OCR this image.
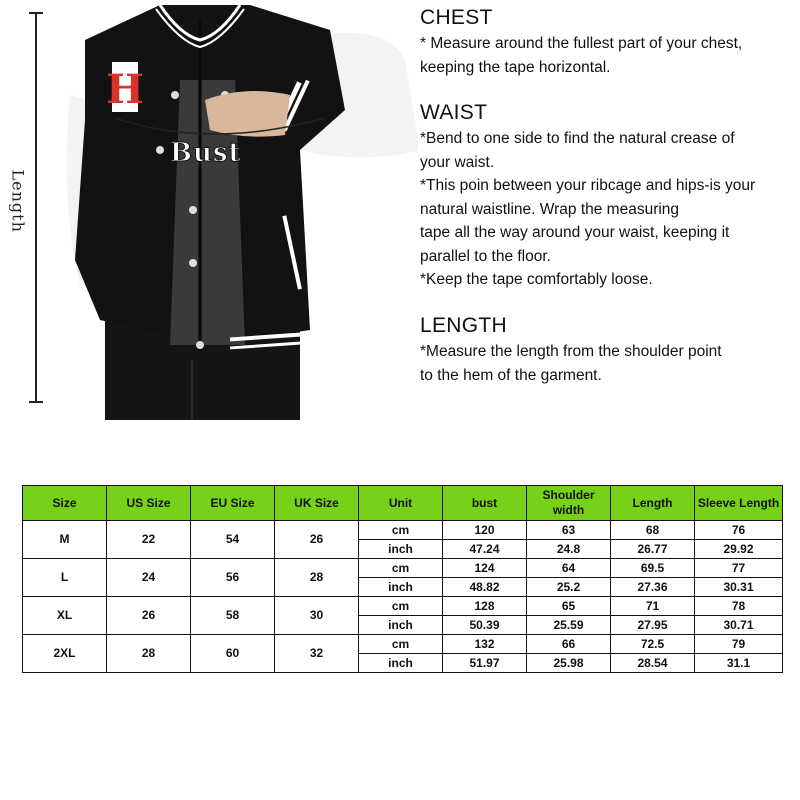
Length
H
Bust
CHEST

* Measure around the fullest part of your chest,
keeping the tape horizontal.

WAIST

*Bend to one side to find the natural crease of
your waist.
*This poin between your ribcage and hips-is your
natural waistline. Wrap the measuring
tape all the way around your waist, keeping it
parallel to the floor.
*Keep the tape comfortably loose.

LENGTH

*Measure the length from the shoulder point
to the hem of the garment.

Size	US Size	EU Size	UK Size	Unit	bust	Shoulder width	Length	Sleeve Length
M	22	54	26	cm	120	63	68	76
				inch	47.24	24.8	26.77	29.92
L	24	56	28	cm	124	64	69.5	77
				inch	48.82	25.2	27.36	30.31
XL	26	58	30	cm	128	65	71	78
				inch	50.39	25.59	27.95	30.71
2XL	28	60	32	cm	132	66	72.5	79
				inch	51.97	25.98	28.54	31.1
